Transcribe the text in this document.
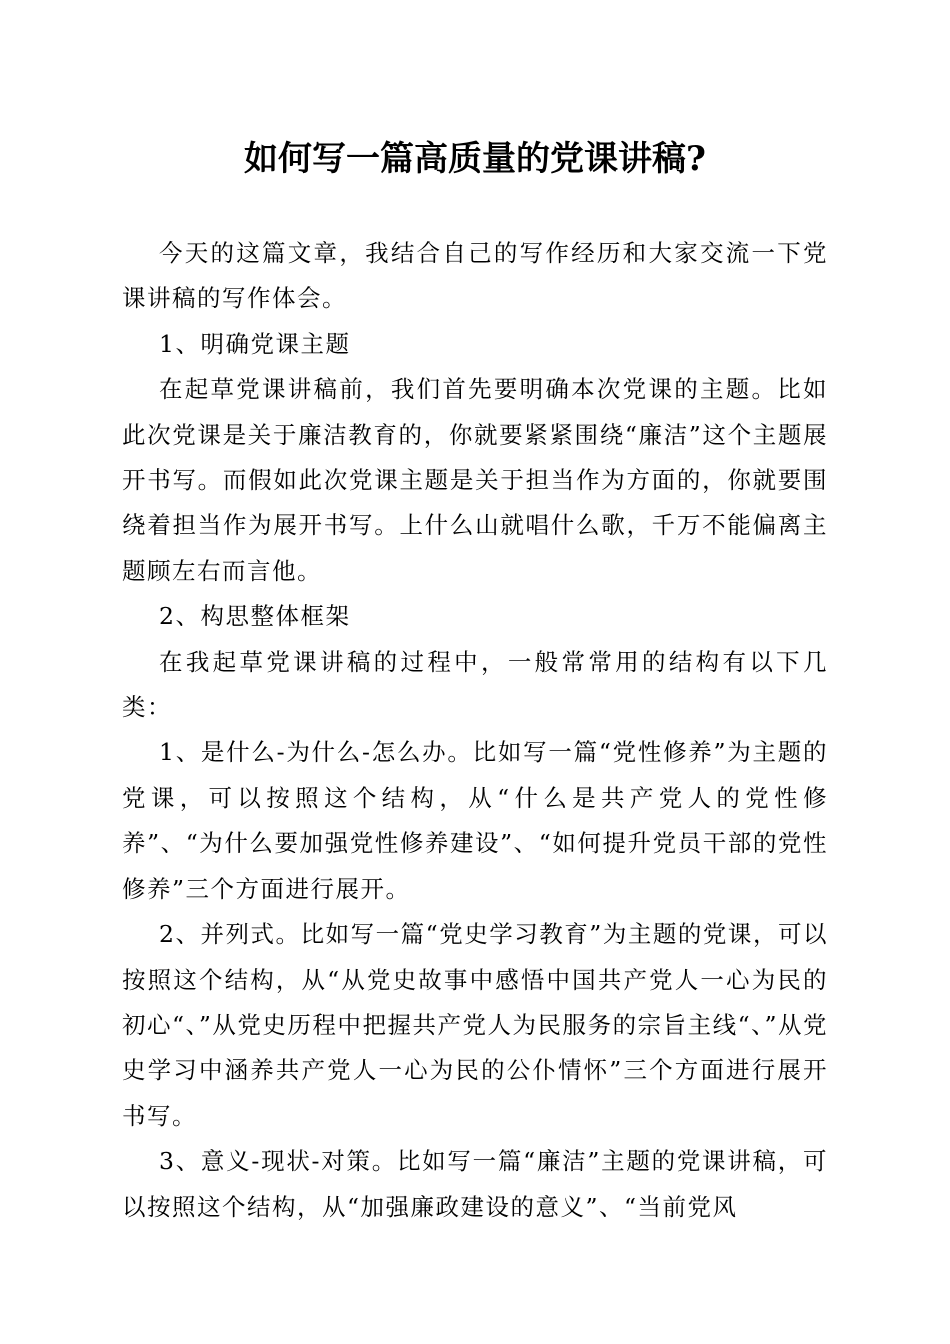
如何写一篇高质量的党课讲稿?

今天的这篇文章，我结合自己的写作经历和大家交流一下党课讲稿的写作体会。

1、明确党课主题

在起草党课讲稿前，我们首先要明确本次党课的主题。比如此次党课是关于廉洁教育的，你就要紧紧围绕“廉洁”这个主题展开书写。而假如此次党课主题是关于担当作为方面的，你就要围绕着担当作为展开书写。上什么山就唱什么歌，千万不能偏离主题顾左右而言他。

2、构思整体框架

在我起草党课讲稿的过程中，一般常常用的结构有以下几类：

1、是什么-为什么-怎么办。比如写一篇“党性修养”为主题的党课，可以按照这个结构，从“什么是共产党人的党性修养”、“为什么要加强党性修养建设”、“如何提升党员干部的党性修养”三个方面进行展开。

2、并列式。比如写一篇“党史学习教育”为主题的党课，可以按照这个结构，从“从党史故事中感悟中国共产党人一心为民的初心“、”从党史历程中把握共产党人为民服务的宗旨主线“、”从党史学习中涵养共产党人一心为民的公仆情怀”三个方面进行展开书写。

3、意义-现状-对策。比如写一篇“廉洁”主题的党课讲稿，可以按照这个结构，从“加强廉政建设的意义”、“当前党风
